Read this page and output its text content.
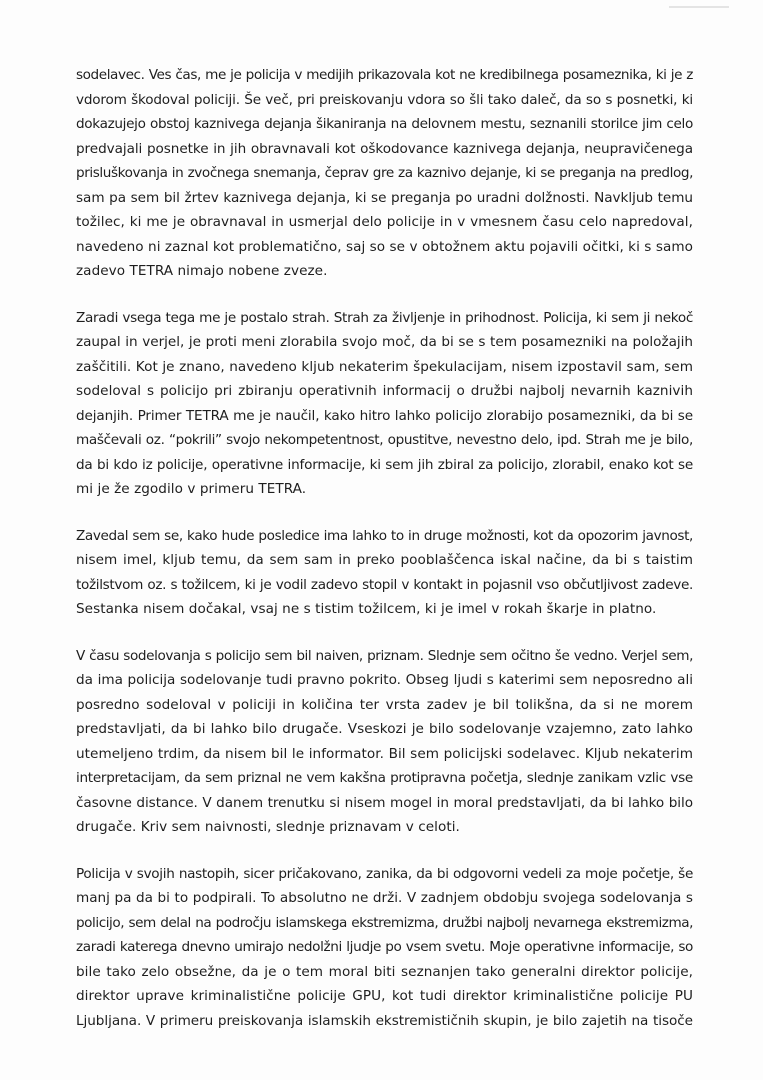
sodelavec. Ves čas, me je policija v medijih prikazovala kot ne kredibilnega posameznika, ki je z
vdorom škodoval policiji. Še več, pri preiskovanju vdora so šli tako daleč, da so s posnetki, ki
dokazujejo obstoj kaznivega dejanja šikaniranja na delovnem mestu, seznanili storilce jim celo
predvajali posnetke in jih obravnavali kot oškodovance kaznivega dejanja, neupravičenega
prisluškovanja in zvočnega snemanja, čeprav gre za kaznivo dejanje, ki se preganja na predlog,
sam pa sem bil žrtev kaznivega dejanja, ki se preganja po uradni dolžnosti. Navkljub temu
tožilec, ki me je obravnaval in usmerjal delo policije in v vmesnem času celo napredoval,
navedeno ni zaznal kot problematično, saj so se v obtožnem aktu pojavili očitki, ki s samo
zadevo TETRA nimajo nobene zveze.
Zaradi vsega tega me je postalo strah. Strah za življenje in prihodnost. Policija, ki sem ji nekoč
zaupal in verjel, je proti meni zlorabila svojo moč, da bi se s tem posamezniki na položajih
zaščitili. Kot je znano, navedeno kljub nekaterim špekulacijam, nisem izpostavil sam, sem
sodeloval s policijo pri zbiranju operativnih informacij o družbi najbolj nevarnih kaznivih
dejanjih. Primer TETRA me je naučil, kako hitro lahko policijo zlorabijo posamezniki, da bi se
maščevali oz. “pokrili” svojo nekompetentnost, opustitve, nevestno delo, ipd. Strah me je bilo,
da bi kdo iz policije, operativne informacije, ki sem jih zbiral za policijo, zlorabil, enako kot se
mi je že zgodilo v primeru TETRA.
Zavedal sem se, kako hude posledice ima lahko to in druge možnosti, kot da opozorim javnost,
nisem imel, kljub temu, da sem sam in preko pooblaščenca iskal načine, da bi s taistim
tožilstvom oz. s tožilcem, ki je vodil zadevo stopil v kontakt in pojasnil vso občutljivost zadeve.
Sestanka nisem dočakal, vsaj ne s tistim tožilcem, ki je imel v rokah škarje in platno.
V času sodelovanja s policijo sem bil naiven, priznam. Slednje sem očitno še vedno. Verjel sem,
da ima policija sodelovanje tudi pravno pokrito. Obseg ljudi s katerimi sem neposredno ali
posredno sodeloval v policiji in količina ter vrsta zadev je bil tolikšna, da si ne morem
predstavljati, da bi lahko bilo drugače. Vseskozi je bilo sodelovanje vzajemno, zato lahko
utemeljeno trdim, da nisem bil le informator. Bil sem policijski sodelavec. Kljub nekaterim
interpretacijam, da sem priznal ne vem kakšna protipravna početja, slednje zanikam vzlic vse
časovne distance. V danem trenutku si nisem mogel in moral predstavljati, da bi lahko bilo
drugače. Kriv sem naivnosti, slednje priznavam v celoti.
Policija v svojih nastopih, sicer pričakovano, zanika, da bi odgovorni vedeli za moje početje, še
manj pa da bi to podpirali. To absolutno ne drži. V zadnjem obdobju svojega sodelovanja s
policijo, sem delal na področju islamskega ekstremizma, družbi najbolj nevarnega ekstremizma,
zaradi katerega dnevno umirajo nedolžni ljudje po vsem svetu. Moje operativne informacije, so
bile tako zelo obsežne, da je o tem moral biti seznanjen tako generalni direktor policije,
direktor uprave kriminalistične policije GPU, kot tudi direktor kriminalistične policije PU
Ljubljana. V primeru preiskovanja islamskih ekstremističnih skupin, je bilo zajetih na tisoče
